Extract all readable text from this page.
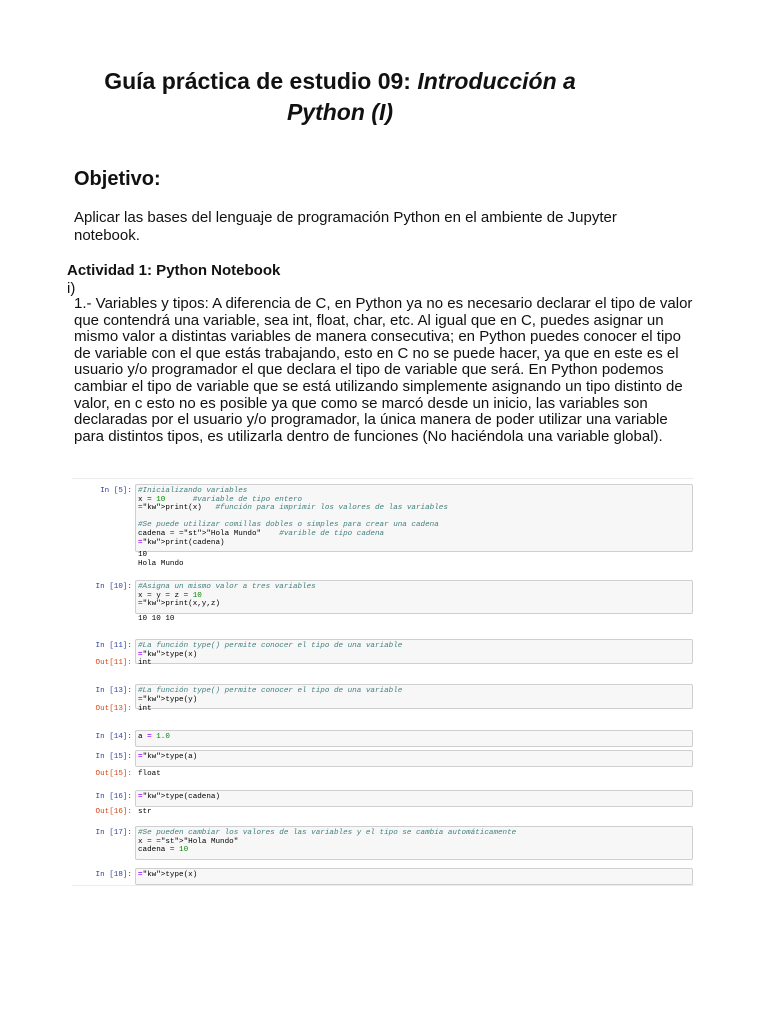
Guía práctica de estudio 09: Introducción a
Python (I)
Objetivo:

Aplicar las bases del lenguaje de programación Python en el ambiente de Jupyter notebook.

Actividad 1: Python Notebook

i)

1.- Variables y tipos: A diferencia de C, en Python ya no es necesario declarar el tipo de valor que contendrá una variable, sea int, float, char, etc. Al igual que en C, puedes asignar un mismo valor a distintas variables de manera consecutiva; en Python puedes conocer el tipo de variable con el que estás trabajando, esto en C no se puede hacer, ya que en este es el usuario y/o programador el que declara el tipo de variable que será. En Python podemos cambiar el tipo de variable que se está utilizando simplemente asignando un tipo distinto de valor, en c esto no es posible ya que como se marcó desde un inicio, las variables son declaradas por el usuario y/o programador, la única manera de poder utilizar una variable para distintos tipos, es utilizarla dentro de funciones (No haciéndola una variable global).

In [5]: #Inicializando variables
x = 10	#variable de tipo entero
="kw">print(x)   #función para imprimir los valores de las variables

#Se puede utilizar comillas dobles o simples para crear una cadena
cadena = ="st">"Hola Mundo"    #varible de tipo cadena
="kw">print(cadena)
10
Hola Mundo
In [10]: #Asigna un mismo valor a tres variables
x = y = z = 10
="kw">print(x,y,z)
10 10 10
In [11]: #La función type() permite conocer el tipo de una variable
="kw">type(x)
Out[11]: int
In [13]: #La función type() permite conocer el tipo de una variable
="kw">type(y)
Out[13]: int
In [14]: a = 1.0
In [15]: ="kw">type(a)
Out[15]: float
In [16]: ="kw">type(cadena)
Out[16]: str
In [17]: #Se pueden cambiar los valores de las variables y el tipo se cambia automáticamente
x = ="st">"Hola Mundo"
cadena = 10
In [18]: ="kw">type(x)
